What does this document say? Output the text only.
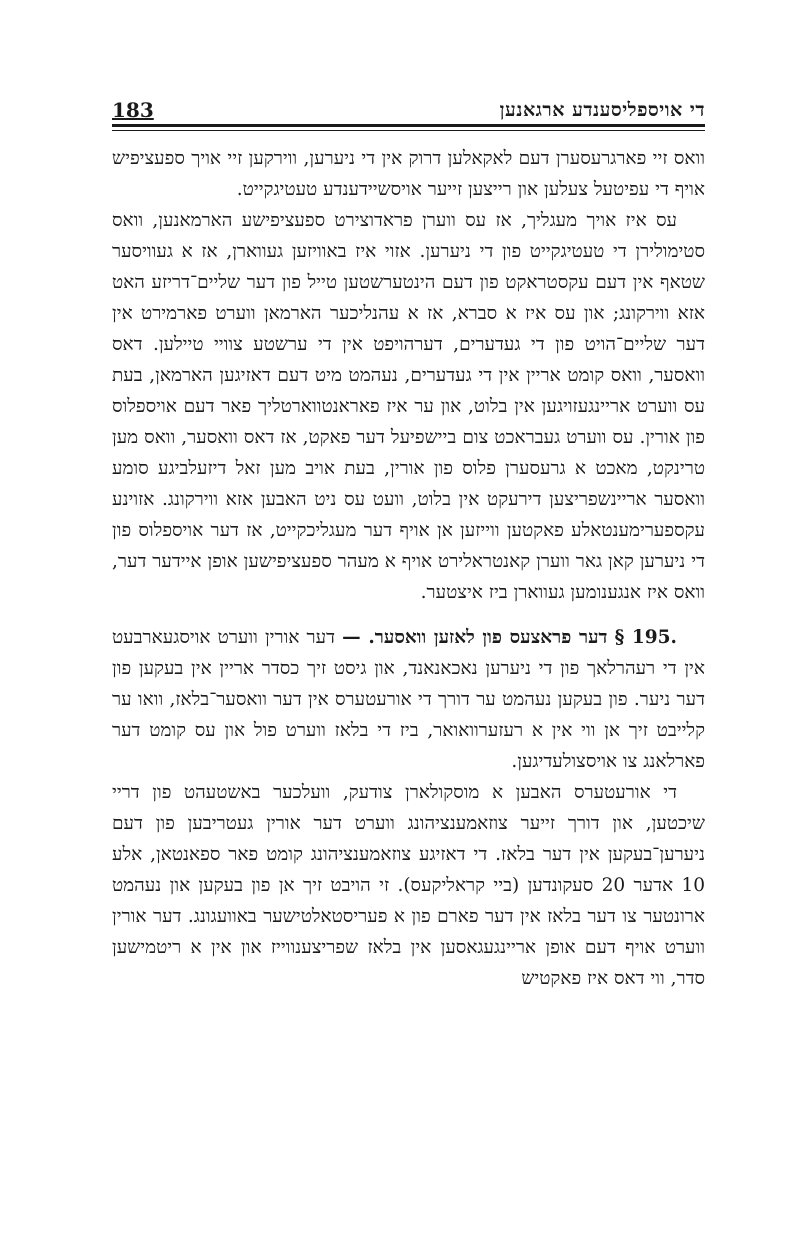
די אויספליסענדע ארגאנען
183

וואס זיי פארגרעסערן דעם לאקאלען דרוק אין די ניערען, ווירקען זיי אויך ספעציפיש אויף די עפיטעל צעלען און רייצען זייער אויסשיידענדע טעטיגקייט.

עס איז אויך מעגליך, אז עס ווערן פראדוצירט ספעציפישע הארמאנען, וואס סטימולירן די טעטיגקייט פון די ניערען. אזוי איז באוויזען געווארן, אז א געוויסער שטאף אין דעם עקסטראקט פון דעם הינטערשטען טייל פון דער שליים־דריזע האט אזא ווירקונג; און עס איז א סברא, אז א עהנליכער הארמאן ווערט פארמירט אין דער שליים־הויט פון די געדערים, דערהויפט אין די ערשטע צוויי טיילען. דאס וואסער, וואס קומט אריין אין די געדערים, נעהמט מיט דעם דאזיגען הארמאן, בעת עס ווערט אריינגעזויגען אין בלוט, און ער איז פאראנטווארטליך פאר דעם אויספלוס פון אורין. עס ווערט געבראכט צום ביישפיעל דער פאקט, אז דאס וואסער, וואס מען טרינקט, מאכט א גרעסערן פלוס פון אורין, בעת אויב מען זאל דיזעלביגע סומע וואסער אריינשפריצען דירעקט אין בלוט, וועט עס ניט האבען אזא ווירקונג. אזוינע עקספערימענטאלע פאקטען ווייזען אן אויף דער מעגליכקייט, אז דער אויספלוס פון די ניערען קאן גאר ווערן קאנטראלירט אויף א מעהר ספעציפישען אופן איידער דער, וואס איז אנגענומען געווארן ביז איצטער.

§ 195. דער פראצעס פון לאזען וואסער. — דער אורין ווערט אויסגעארבעט אין די רעהרלאך פון די ניערען נאכאנאנד, און גיסט זיך כסדר אריין אין בעקען פון דער ניער. פון בעקען נעהמט ער דורך די אורעטערס אין דער וואסער־בלאז, וואו ער קלייבט זיך אן ווי אין א רעזערוואואר, ביז די בלאז ווערט פול און עס קומט דער פארלאנג צו אויסצולעדיגען.

די אורעטערס האבען א מוסקולארן צודעק, וועלכער באשטעהט פון דריי שיכטען, און דורך זייער צוזאמענציהונג ווערט דער אורין געטריבען פון דעם ניערען־בעקען אין דער בלאז. די דאזיגע צוזאמענציהונג קומט פאר ספאנטאן, אלע 10 אדער 20 סעקונדען (ביי קראליקעס). זי הויבט זיך אן פון בעקען און נעהמט ארונטער צו דער בלאז אין דער פארם פון א פעריסטאלטישער באוועגונג. דער אורין ווערט אויף דעם אופן אריינגעגאסען אין בלאז שפריצענווייז און אין א ריטמישען סדר, ווי דאס איז פאקטיש
